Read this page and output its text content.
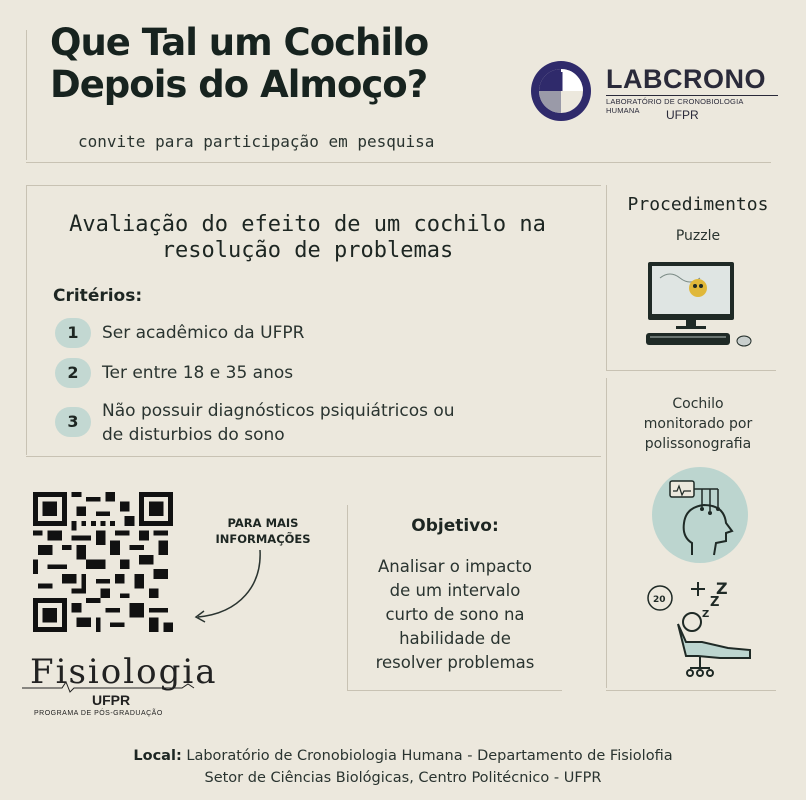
Que Tal um Cochilo
Depois do Almoço?
convite para participação em pesquisa
LABCRONO
LABORATÓRIO DE CRONOBIOLOGIA HUMANA	UFPR
Avaliação do efeito de um cochilo na
resolução de problemas
Critérios:
1	Ser acadêmico da UFPR
2	Ter entre 18 e 35 anos
3
Não possuir diagnósticos psiquiátricos ou
de disturbios do sono
PARA MAIS
INFORMAÇÕES
Objetivo:
Analisar o impacto
de um intervalo
curto de sono na
habilidade de
resolver problemas
Fisiologia
UFPR
PROGRAMA DE PÓS-GRADUAÇÃO
Procedimentos
Puzzle
Cochilo
monitorado por
polissonografia
20
Z
Z
Z
Local: Laboratório de Cronobiologia Humana - Departamento de Fisiolofia
Setor de Ciências Biológicas, Centro Politécnico - UFPR
